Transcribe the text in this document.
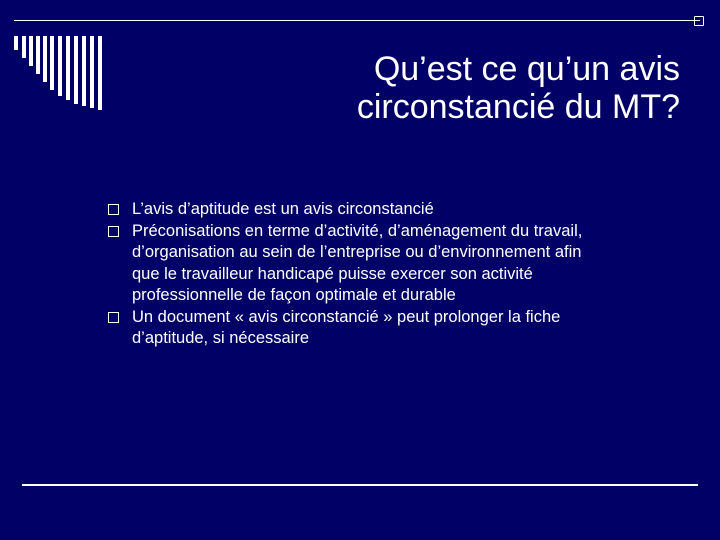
Qu’est ce qu’un avis
circonstancié du MT?
L’avis d’aptitude est un avis circonstancié
Préconisations en terme d’activité, d’aménagement du travail, d’organisation au sein de l’entreprise ou d’environnement afin que le travailleur handicapé puisse exercer son activité professionnelle de façon optimale et durable
Un document « avis circonstancié » peut prolonger la fiche d’aptitude, si nécessaire
